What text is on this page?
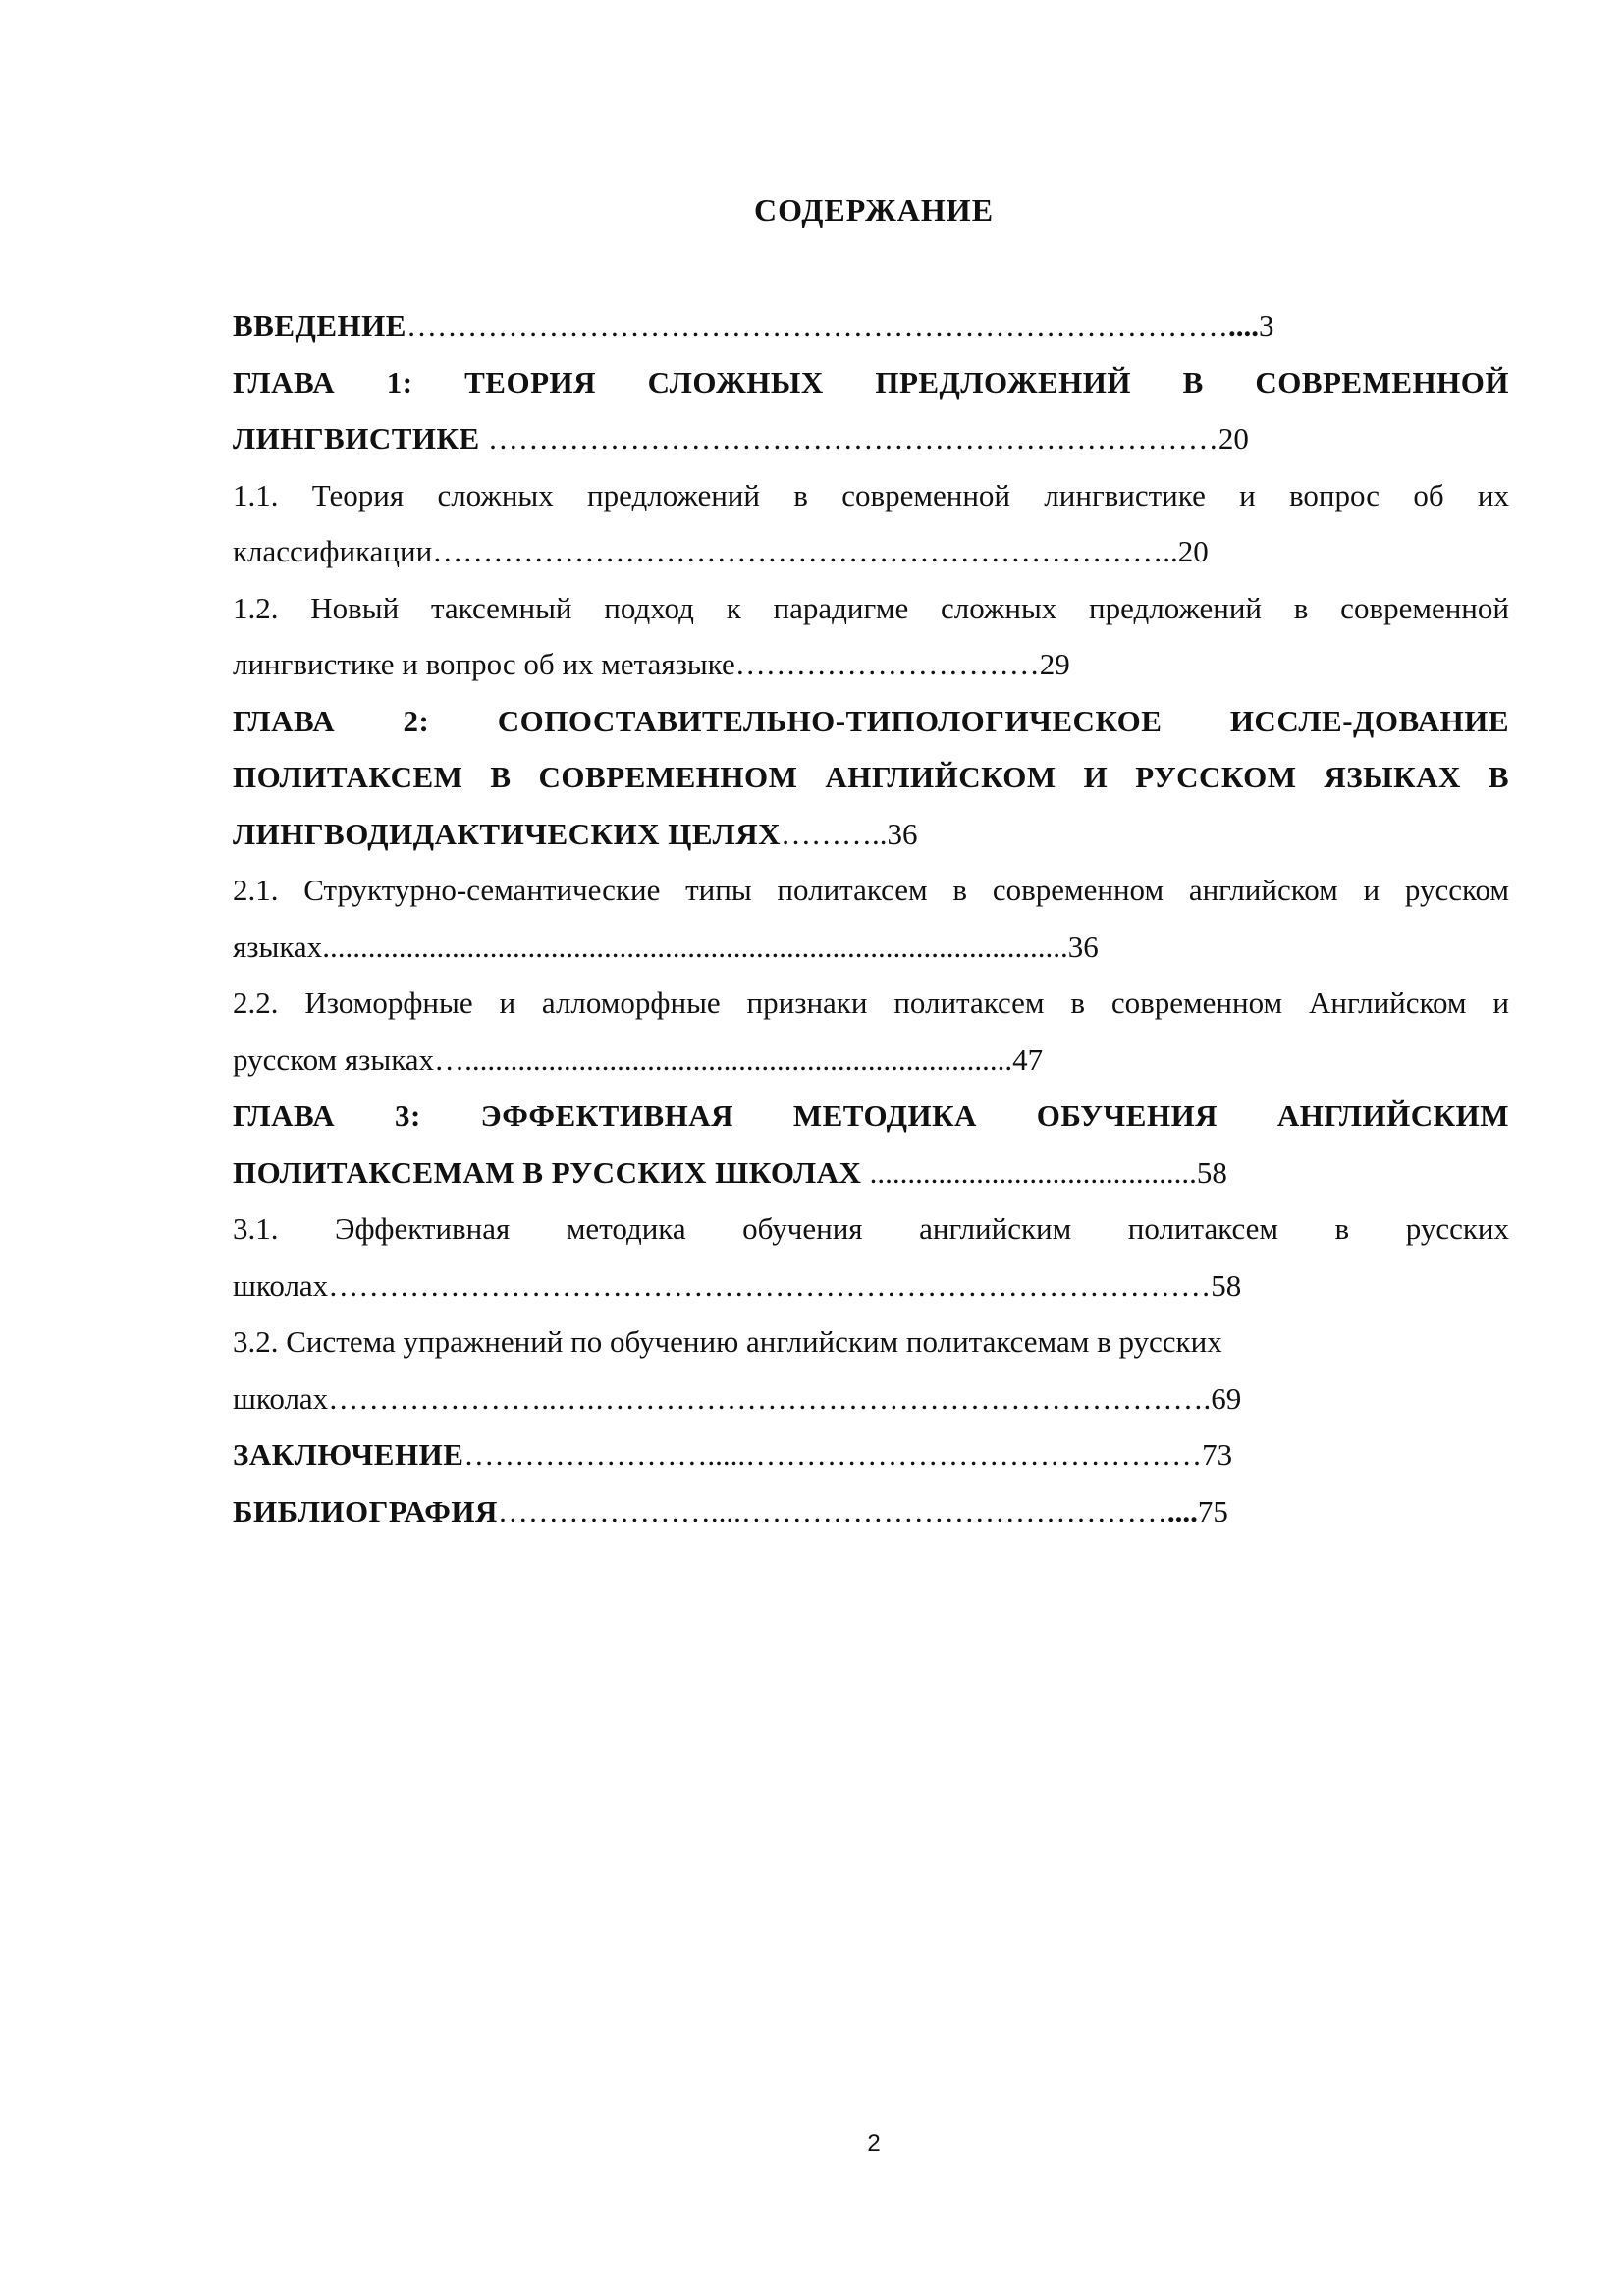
СОДЕРЖАНИЕ
ВВЕДЕНИЕ………………………………………………………………………....3
ГЛАВА 1: ТЕОРИЯ СЛОЖНЫХ ПРЕДЛОЖЕНИЙ В СОВРЕМЕННОЙ
ЛИНГВИСТИКЕ ………………………………………………………………20
1.1. Теория сложных предложений в современной лингвистике и вопрос об их
классификации………………………………………………………………..20
1.2. Новый таксемный подход к парадигме сложных предложений в современной
лингвистике и вопрос об их метаязыке…………………………29
ГЛАВА 2: СОПОСТАВИТЕЛЬНО-ТИПОЛОГИЧЕСКОЕ ИССЛЕ-ДОВАНИЕ
ПОЛИТАКСЕМ В СОВРЕМЕННОМ АНГЛИЙСКОМ И РУССКОМ ЯЗЫКАХ В
ЛИНГВОДИДАКТИЧЕСКИХ ЦЕЛЯХ………..36
2.1. Структурно-семантические типы политаксем в современном английском и русском
языках..................................................................................................36
2.2. Изоморфные и алломорфные признаки политаксем в современном Английском и
русском языках…........................................................................47
ГЛАВА 3: ЭФФЕКТИВНАЯ МЕТОДИКА ОБУЧЕНИЯ АНГЛИЙСКИМ
ПОЛИТАКСЕМАМ В РУССКИХ ШКОЛАХ ...........................................58
3.1. Эффективная методика обучения английским политаксем в русских
школах……………………………………………………………………………58
3.2. Система упражнений по обучению английским политаксемам в русских
школах…………………..….…………………………………………………….69
ЗАКЛЮЧЕНИЕ…………………….....………………………………………73
БИБЛИОГРАФИЯ…………………....……………………………………....75
2
